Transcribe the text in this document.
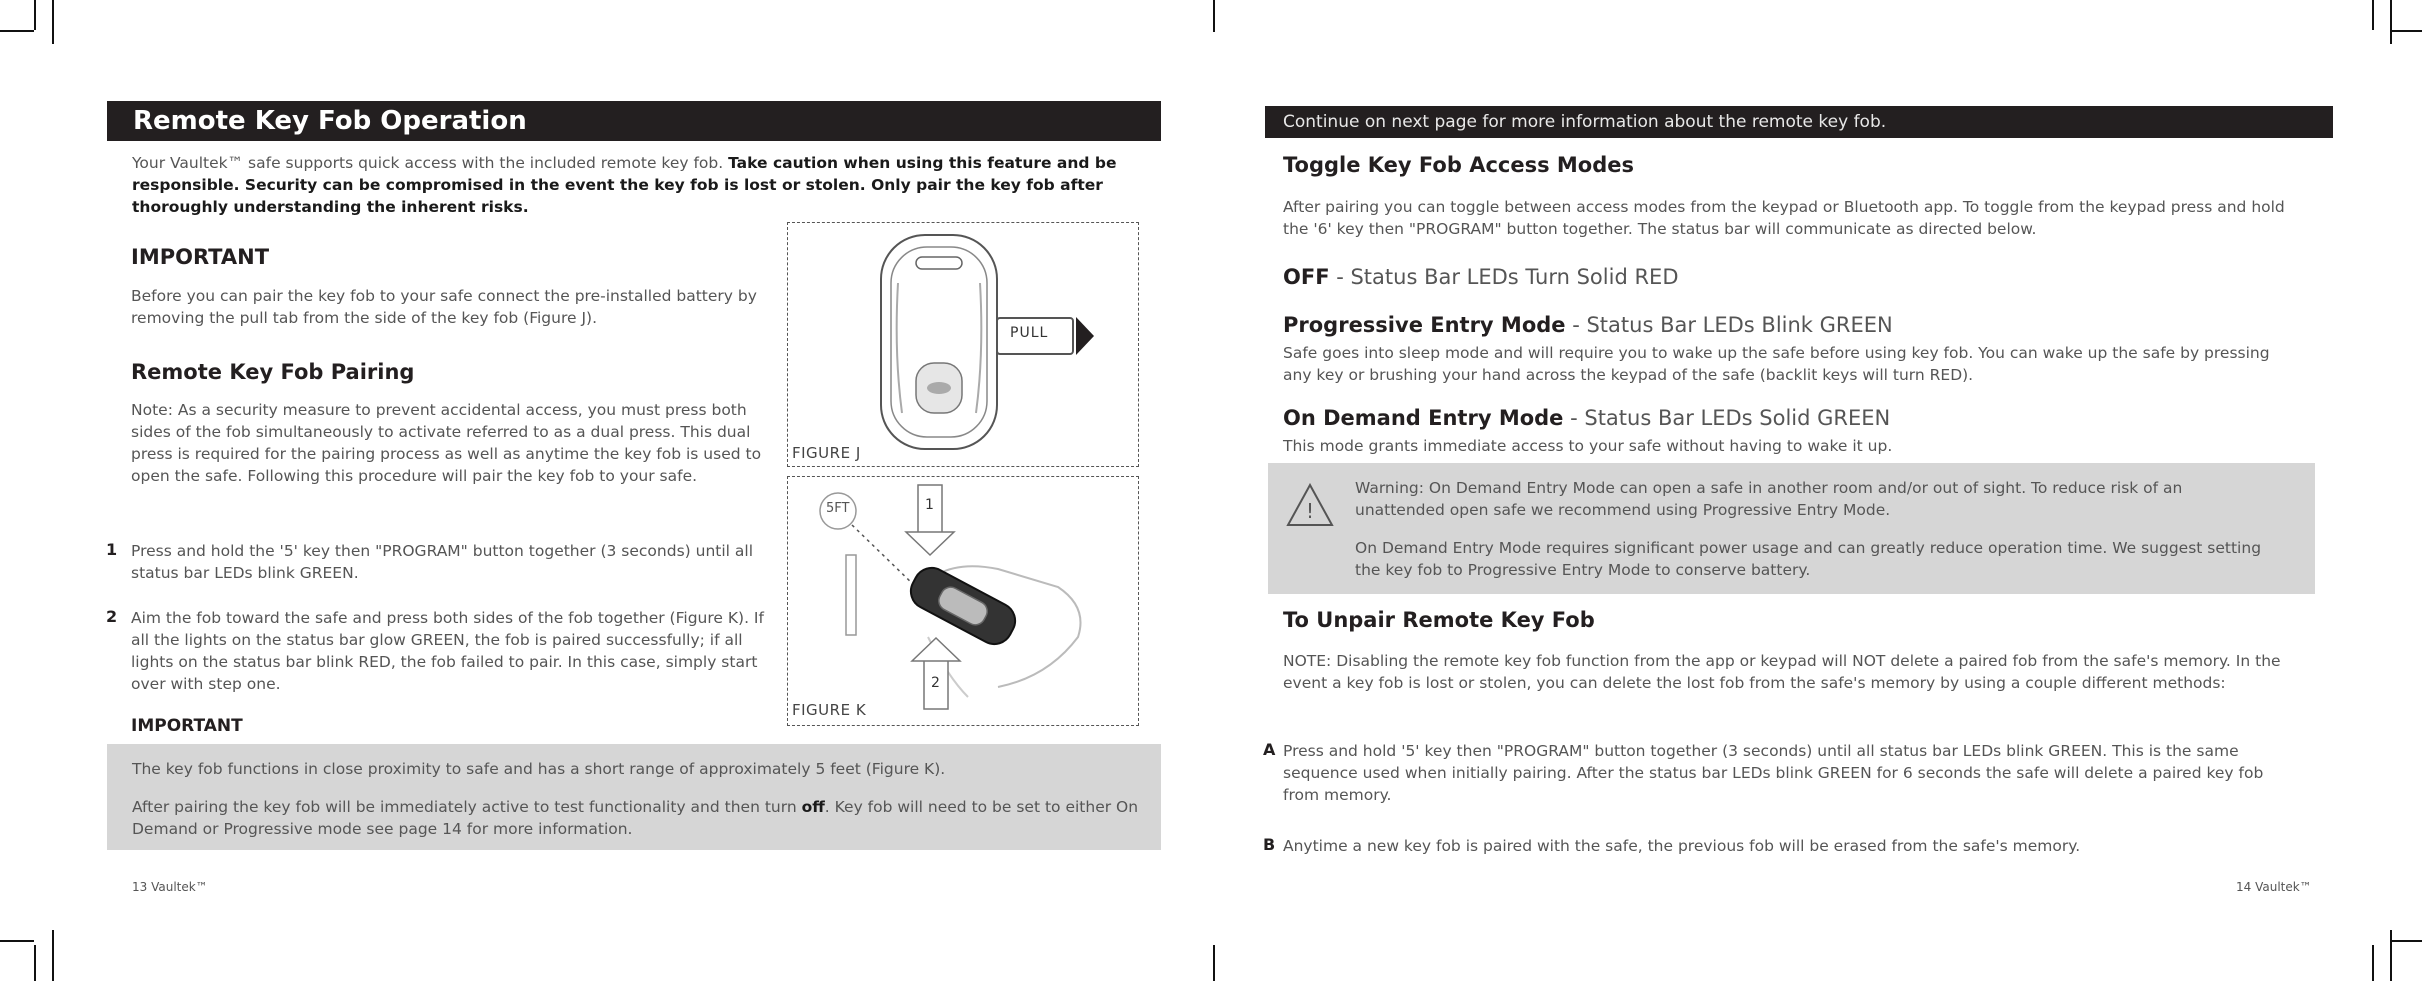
Remote Key Fob Operation
Your Vaultek™ safe supports quick access with the included remote key fob. Take caution when using this feature and be responsible. Security can be compromised in the event the key fob is lost or stolen. Only pair the key fob after thoroughly understanding the inherent risks.
IMPORTANT
Before you can pair the key fob to your safe connect the pre-installed battery by removing the pull tab from the side of the key fob (Figure J).
Remote Key Fob Pairing
Note: As a security measure to prevent accidental access, you must press both sides of the fob simultaneously to activate referred to as a dual press. This dual press is required for the pairing process as well as anytime the key fob is used to open the safe. Following this procedure will pair the key fob to your safe.
1 Press and hold the '5' key then "PROGRAM" button together (3 seconds) until all status bar LEDs blink GREEN.
2 Aim the fob toward the safe and press both sides of the fob together (Figure K). If all the lights on the status bar glow GREEN, the fob is paired successfully; if all lights on the status bar blink RED, the fob failed to pair. In this case, simply start over with step one.
IMPORTANT
The key fob functions in close proximity to safe and has a short range of approximately 5 feet (Figure K).
After pairing the key fob will be immediately active to test functionality and then turn off. Key fob will need to be set to either On Demand or Progressive mode see page 14 for more information.
PULL
FIGURE J
5FT	1
2
FIGURE K
13 Vaultek™
Continue on next page for more information about the remote key fob.
Toggle Key Fob Access Modes
After pairing you can toggle between access modes from the keypad or Bluetooth app. To toggle from the keypad press and hold the '6' key then "PROGRAM" button together. The status bar will communicate as directed below.
OFF - Status Bar LEDs Turn Solid RED
Progressive Entry Mode - Status Bar LEDs Blink GREEN
Safe goes into sleep mode and will require you to wake up the safe before using key fob. You can wake up the safe by pressing any key or brushing your hand across the keypad of the safe (backlit keys will turn RED).
On Demand Entry Mode - Status Bar LEDs Solid GREEN
This mode grants immediate access to your safe without having to wake it up.
!
Warning: On Demand Entry Mode can open a safe in another room and/or out of sight. To reduce risk of an unattended open safe we recommend using Progressive Entry Mode.
On Demand Entry Mode requires significant power usage and can greatly reduce operation time. We suggest setting the key fob to Progressive Entry Mode to conserve battery.
To Unpair Remote Key Fob
NOTE: Disabling the remote key fob function from the app or keypad will NOT delete a paired fob from the safe's memory. In the event a key fob is lost or stolen, you can delete the lost fob from the safe's memory by using a couple different methods:
A Press and hold '5' key then "PROGRAM" button together (3 seconds) until all status bar LEDs blink GREEN. This is the same sequence used when initially pairing. After the status bar LEDs blink GREEN for 6 seconds the safe will delete a paired key fob from memory.
B Anytime a new key fob is paired with the safe, the previous fob will be erased from the safe's memory.
14 Vaultek™
